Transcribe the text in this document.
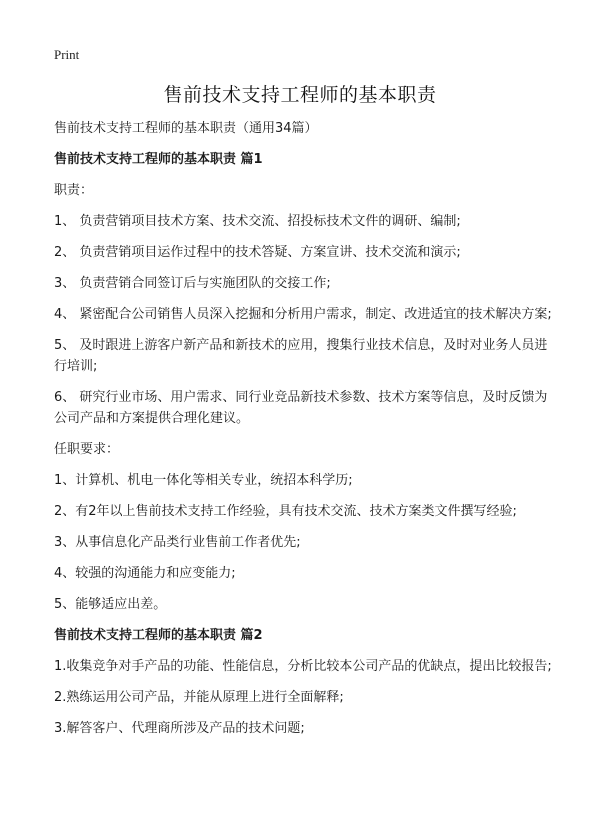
Print
售前技术支持工程师的基本职责
售前技术支持工程师的基本职责（通用34篇）
售前技术支持工程师的基本职责 篇1
职责：
1、 负责营销项目技术方案、技术交流、招投标技术文件的调研、编制;
2、 负责营销项目运作过程中的技术答疑、方案宣讲、技术交流和演示;
3、 负责营销合同签订后与实施团队的交接工作;
4、 紧密配合公司销售人员深入挖掘和分析用户需求，制定、改进适宜的技术解决方案;
5、 及时跟进上游客户新产品和新技术的应用，搜集行业技术信息，及时对业务人员进行培训;
6、 研究行业市场、用户需求、同行业竞品新技术参数、技术方案等信息，及时反馈为公司产品和方案提供合理化建议。
任职要求：
1、计算机、机电一体化等相关专业，统招本科学历;
2、有2年以上售前技术支持工作经验，具有技术交流、技术方案类文件撰写经验;
3、从事信息化产品类行业售前工作者优先;
4、较强的沟通能力和应变能力;
5、能够适应出差。
售前技术支持工程师的基本职责 篇2
1.收集竞争对手产品的功能、性能信息，分析比较本公司产品的优缺点，提出比较报告;
2.熟练运用公司产品，并能从原理上进行全面解释;
3.解答客户、代理商所涉及产品的技术问题;
